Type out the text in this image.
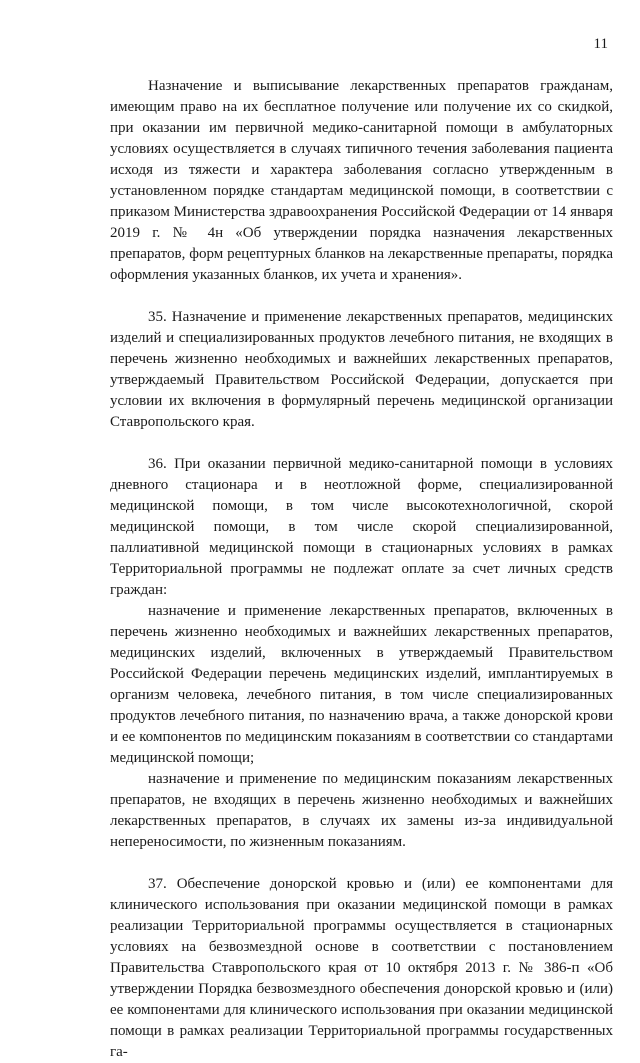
11

Назначение и выписывание лекарственных препаратов гражданам, имеющим право на их бесплатное получение или получение их со скидкой, при оказании им первичной медико-санитарной помощи в амбулаторных условиях осуществляется в случаях типичного течения заболевания пациента исходя из тяжести и характера заболевания согласно утвержденным в установленном порядке стандартам медицинской помощи, в соответствии с приказом Министерства здравоохранения Российской Федерации от 14 января 2019 г. № 4н «Об утверждении порядка назначения лекарственных препаратов, форм рецептурных бланков на лекарственные препараты, порядка оформления указанных бланков, их учета и хранения».

35. Назначение и применение лекарственных препаратов, медицинских изделий и специализированных продуктов лечебного питания, не входящих в перечень жизненно необходимых и важнейших лекарственных препаратов, утверждаемый Правительством Российской Федерации, допускается при условии их включения в формулярный перечень медицинской организации Ставропольского края.

36. При оказании первичной медико-санитарной помощи в условиях дневного стационара и в неотложной форме, специализированной медицинской помощи, в том числе высокотехнологичной, скорой медицинской помощи, в том числе скорой специализированной, паллиативной медицинской помощи в стационарных условиях в рамках Территориальной программы не подлежат оплате за счет личных средств граждан:

назначение и применение лекарственных препаратов, включенных в перечень жизненно необходимых и важнейших лекарственных препаратов, медицинских изделий, включенных в утверждаемый Правительством Российской Федерации перечень медицинских изделий, имплантируемых в организм человека, лечебного питания, в том числе специализированных продуктов лечебного питания, по назначению врача, а также донорской крови и ее компонентов по медицинским показаниям в соответствии со стандартами медицинской помощи;

назначение и применение по медицинским показаниям лекарственных препаратов, не входящих в перечень жизненно необходимых и важнейших лекарственных препаратов, в случаях их замены из-за индивидуальной непереносимости, по жизненным показаниям.

37. Обеспечение донорской кровью и (или) ее компонентами для клинического использования при оказании медицинской помощи в рамках реализации Территориальной программы осуществляется в стационарных условиях на безвозмездной основе в соответствии с постановлением Правительства Ставропольского края от 10 октября 2013 г. № 386-п «Об утверждении Порядка безвозмездного обеспечения донорской кровью и (или) ее компонентами для клинического использования при оказании медицинской помощи в рамках реализации Территориальной программы государственных га-
